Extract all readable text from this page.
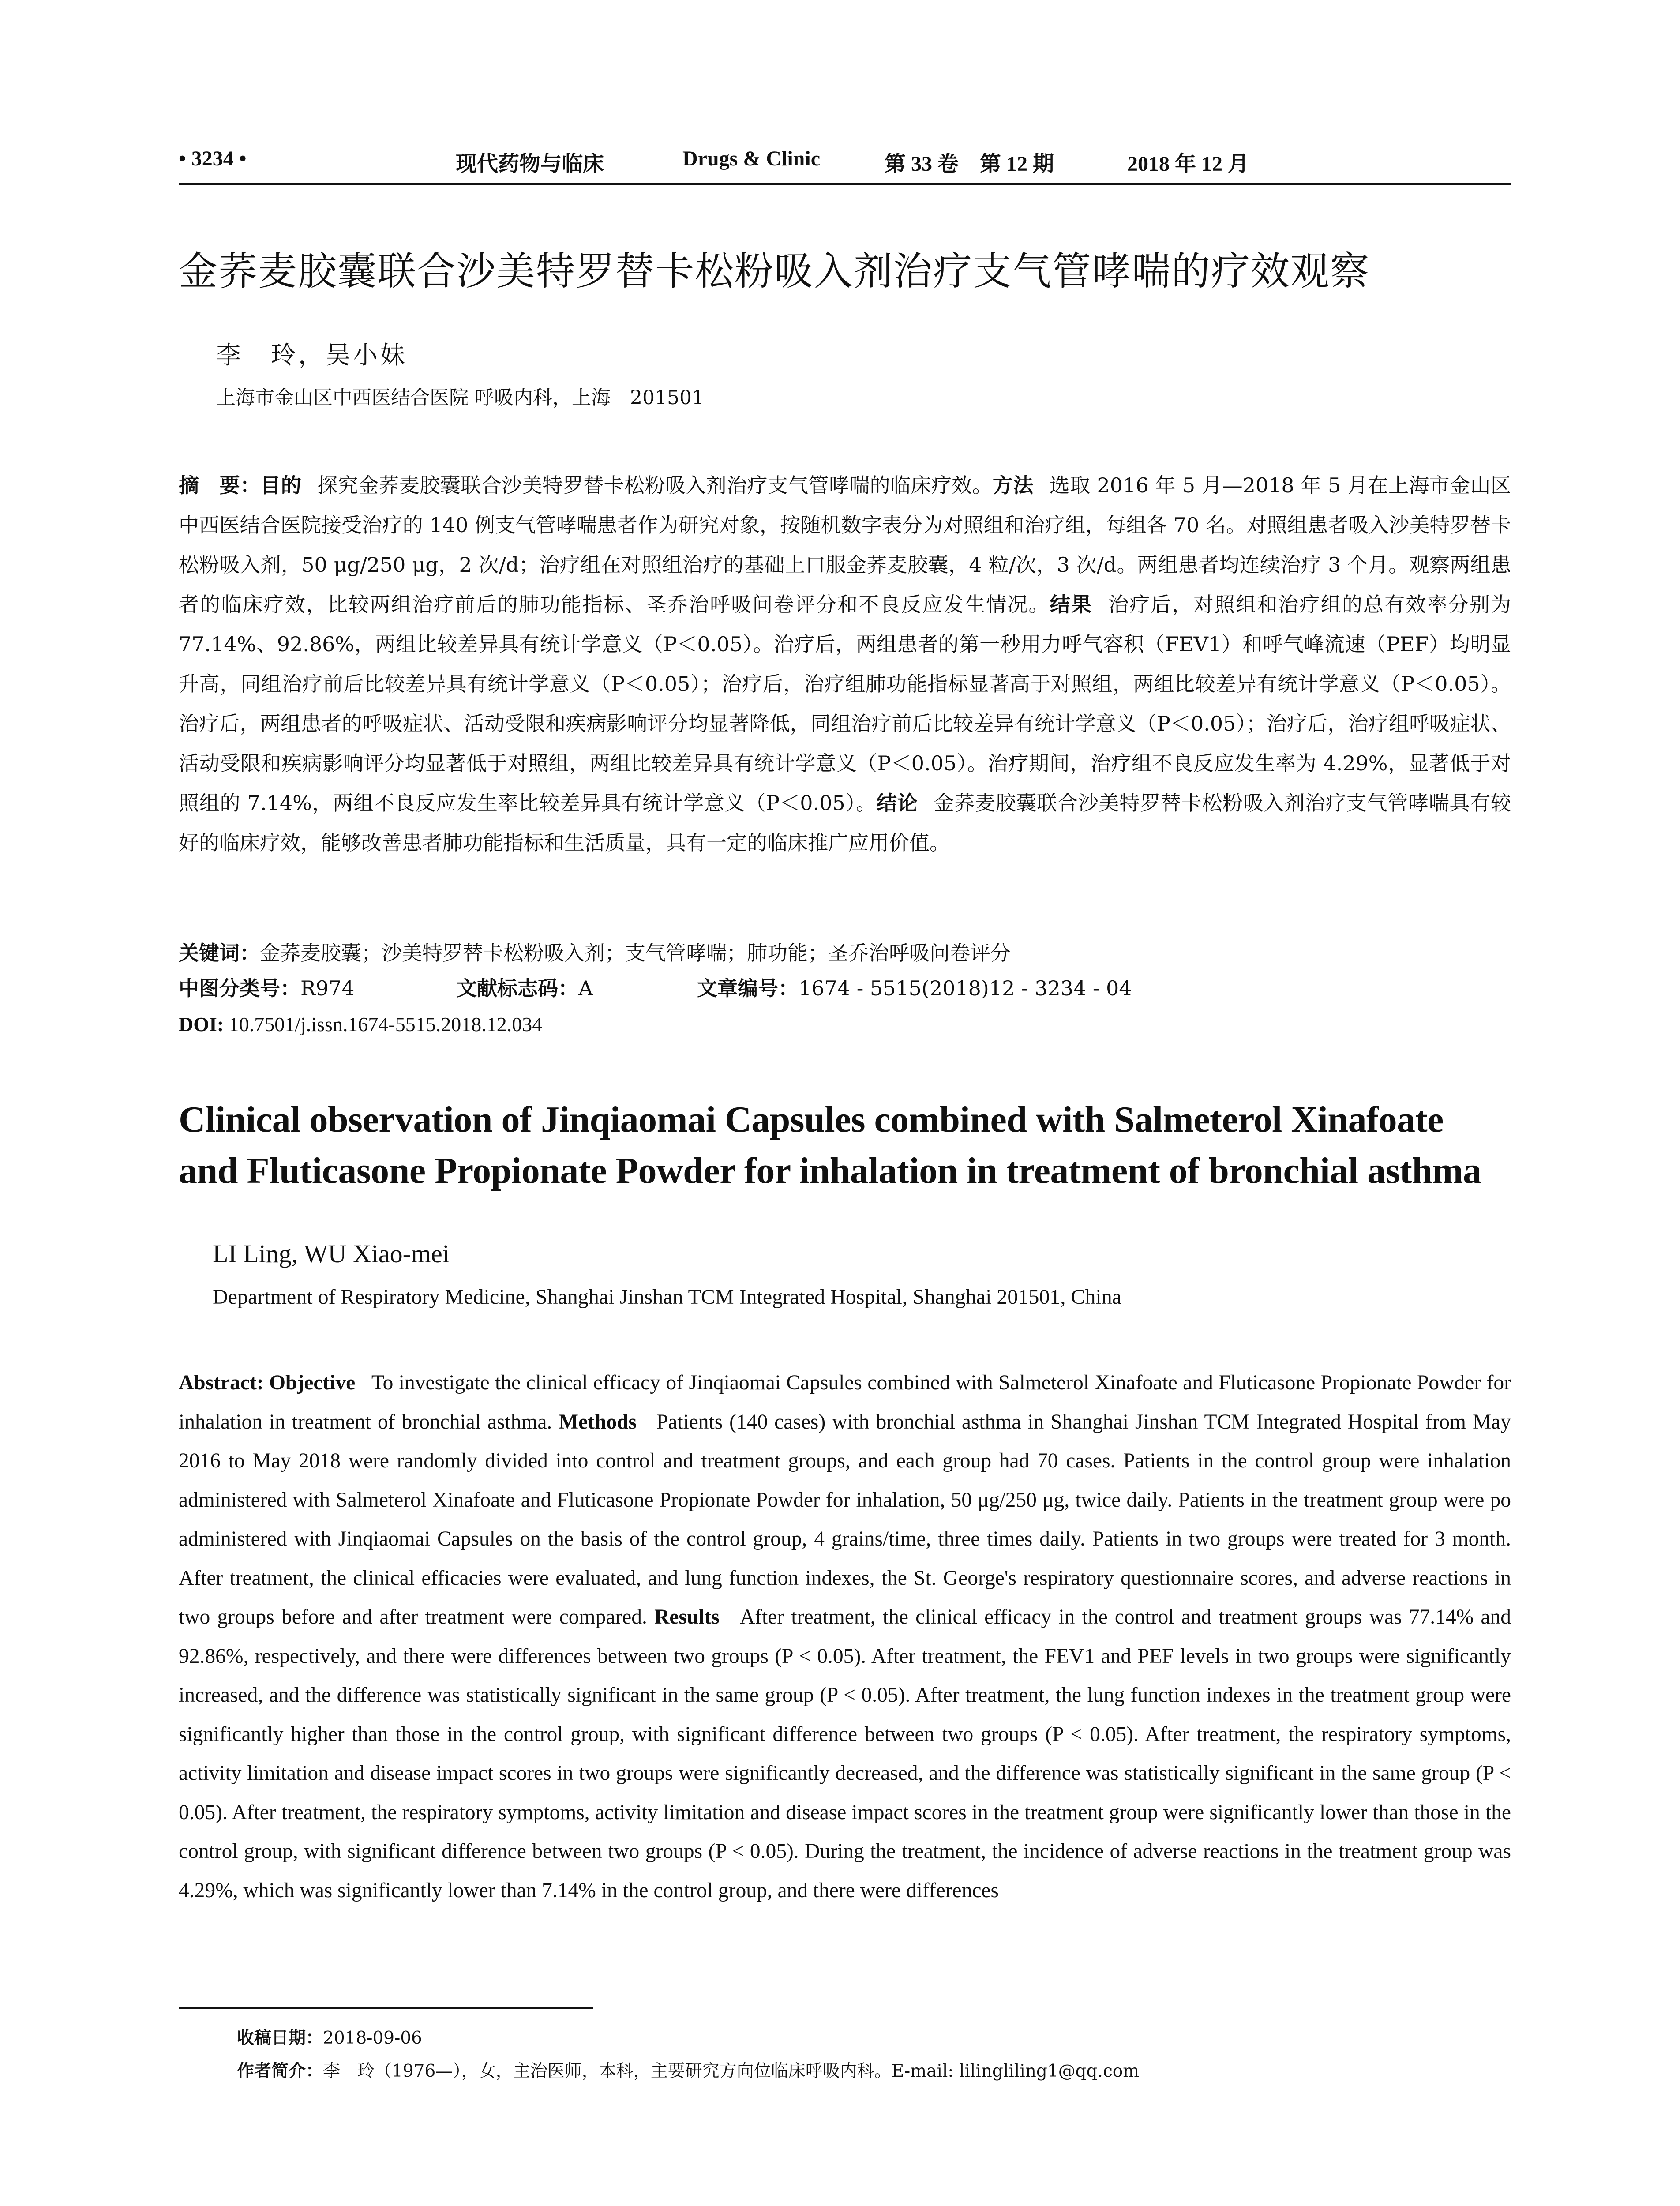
• 3234 •	现代药物与临床	Drugs & Clinic	第 33 卷　第 12 期	2018 年 12 月
金荞麦胶囊联合沙美特罗替卡松粉吸入剂治疗支气管哮喘的疗效观察
李　玲，吴小妹
上海市金山区中西医结合医院 呼吸内科，上海　201501
摘　要：目的 探究金荞麦胶囊联合沙美特罗替卡松粉吸入剂治疗支气管哮喘的临床疗效。方法 选取 2016 年 5 月—2018 年 5 月在上海市金山区中西医结合医院接受治疗的 140 例支气管哮喘患者作为研究对象，按随机数字表分为对照组和治疗组，每组各 70 名。对照组患者吸入沙美特罗替卡松粉吸入剂，50 μg/250 μg，2 次/d；治疗组在对照组治疗的基础上口服金荞麦胶囊，4 粒/次，3 次/d。两组患者均连续治疗 3 个月。观察两组患者的临床疗效，比较两组治疗前后的肺功能指标、圣乔治呼吸问卷评分和不良反应发生情况。结果 治疗后，对照组和治疗组的总有效率分别为 77.14%、92.86%，两组比较差异具有统计学意义（P＜0.05）。治疗后，两组患者的第一秒用力呼气容积（FEV1）和呼气峰流速（PEF）均明显升高，同组治疗前后比较差异具有统计学意义（P＜0.05）；治疗后，治疗组肺功能指标显著高于对照组，两组比较差异有统计学意义（P＜0.05）。治疗后，两组患者的呼吸症状、活动受限和疾病影响评分均显著降低，同组治疗前后比较差异有统计学意义（P＜0.05）；治疗后，治疗组呼吸症状、活动受限和疾病影响评分均显著低于对照组，两组比较差异具有统计学意义（P＜0.05）。治疗期间，治疗组不良反应发生率为 4.29%，显著低于对照组的 7.14%，两组不良反应发生率比较差异具有统计学意义（P＜0.05）。结论 金荞麦胶囊联合沙美特罗替卡松粉吸入剂治疗支气管哮喘具有较好的临床疗效，能够改善患者肺功能指标和生活质量，具有一定的临床推广应用价值。
关键词：金荞麦胶囊；沙美特罗替卡松粉吸入剂；支气管哮喘；肺功能；圣乔治呼吸问卷评分
中图分类号：R974	文献标志码：A	文章编号：1674 - 5515(2018)12 - 3234 - 04
DOI: 10.7501/j.issn.1674-5515.2018.12.034
Clinical observation of Jinqiaomai Capsules combined with Salmeterol Xinafoate and Fluticasone Propionate Powder for inhalation in treatment of bronchial asthma
LI Ling, WU Xiao-mei
Department of Respiratory Medicine, Shanghai Jinshan TCM Integrated Hospital, Shanghai 201501, China
Abstract: Objective To investigate the clinical efficacy of Jinqiaomai Capsules combined with Salmeterol Xinafoate and Fluticasone Propionate Powder for inhalation in treatment of bronchial asthma. Methods Patients (140 cases) with bronchial asthma in Shanghai Jinshan TCM Integrated Hospital from May 2016 to May 2018 were randomly divided into control and treatment groups, and each group had 70 cases. Patients in the control group were inhalation administered with Salmeterol Xinafoate and Fluticasone Propionate Powder for inhalation, 50 μg/250 μg, twice daily. Patients in the treatment group were po administered with Jinqiaomai Capsules on the basis of the control group, 4 grains/time, three times daily. Patients in two groups were treated for 3 month. After treatment, the clinical efficacies were evaluated, and lung function indexes, the St. George's respiratory questionnaire scores, and adverse reactions in two groups before and after treatment were compared. Results After treatment, the clinical efficacy in the control and treatment groups was 77.14% and 92.86%, respectively, and there were differences between two groups (P < 0.05). After treatment, the FEV1 and PEF levels in two groups were significantly increased, and the difference was statistically significant in the same group (P < 0.05). After treatment, the lung function indexes in the treatment group were significantly higher than those in the control group, with significant difference between two groups (P < 0.05). After treatment, the respiratory symptoms, activity limitation and disease impact scores in two groups were significantly decreased, and the difference was statistically significant in the same group (P < 0.05). After treatment, the respiratory symptoms, activity limitation and disease impact scores in the treatment group were significantly lower than those in the control group, with significant difference between two groups (P < 0.05). During the treatment, the incidence of adverse reactions in the treatment group was 4.29%, which was significantly lower than 7.14% in the control group, and there were differences
收稿日期：2018-09-06
作者简介：李　玲（1976—），女，主治医师，本科，主要研究方向位临床呼吸内科。E-mail: lilingliling1@qq.com
